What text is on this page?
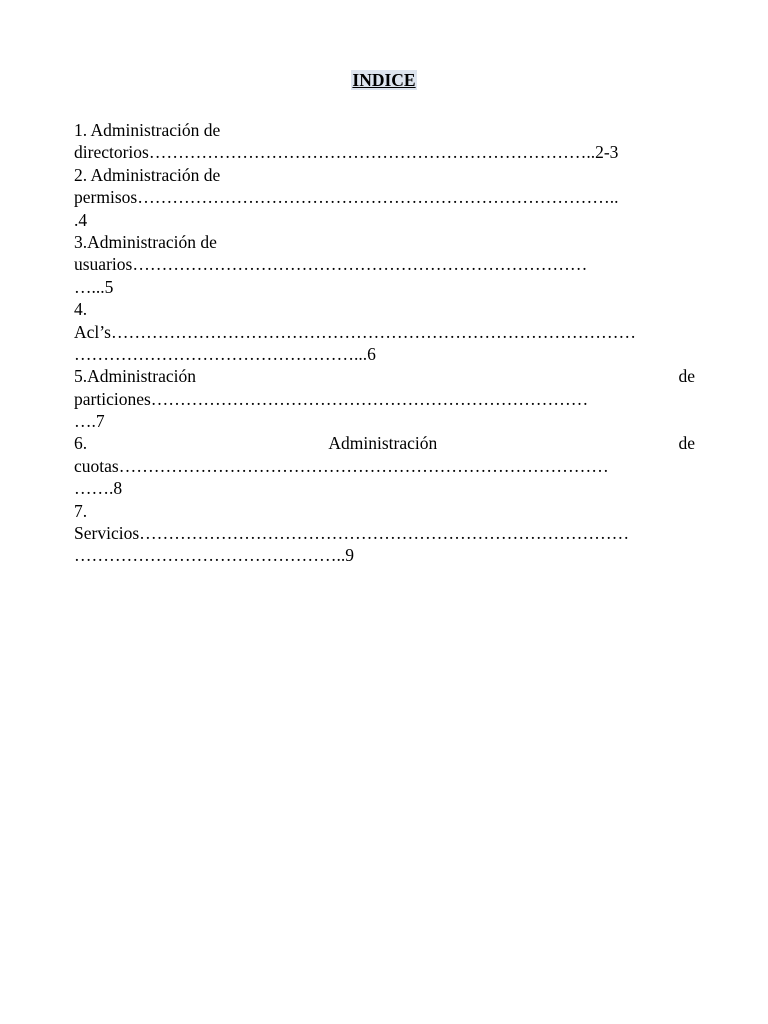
INDICE
1. Administración de
directorios…………………………………………………………………..2-3
2. Administración de
permisos………………………………………………………………………..
.4
3.Administración de
usuarios……………………………………………………………………
…...5
4.
Acl’s………………………………………………………………………………
…………………………………………...6
5.Administración	de
particiones…………………………………………………………………
….7
6.	Administración	de
cuotas…………………………………………………………………………
…….8
7.
Servicios…………………………………………………………………………
………………………………………..9
